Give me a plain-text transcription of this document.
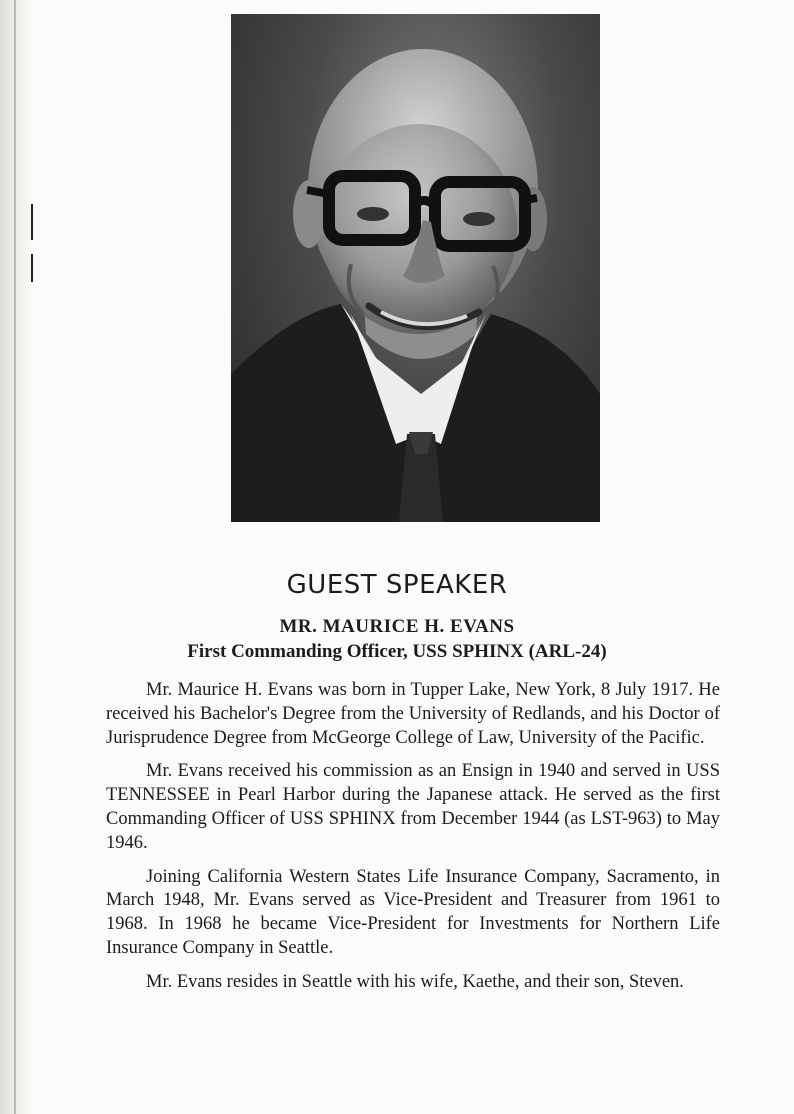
GUEST SPEAKER
MR. MAURICE H. EVANS
First Commanding Officer, USS SPHINX (ARL-24)

Mr. Maurice H. Evans was born in Tupper Lake, New York, 8 July 1917. He received his Bachelor's Degree from the University of Redlands, and his Doctor of Jurisprudence Degree from McGeorge College of Law, University of the Pacific.

Mr. Evans received his commission as an Ensign in 1940 and served in USS TENNESSEE in Pearl Harbor during the Japanese attack. He served as the first Commanding Officer of USS SPHINX from December 1944 (as LST-963) to May 1946.

Joining California Western States Life Insurance Company, Sacramento, in March 1948, Mr. Evans served as Vice-President and Treasurer from 1961 to 1968. In 1968 he became Vice-President for Investments for Northern Life Insurance Company in Seattle.

Mr. Evans resides in Seattle with his wife, Kaethe, and their son, Steven.
